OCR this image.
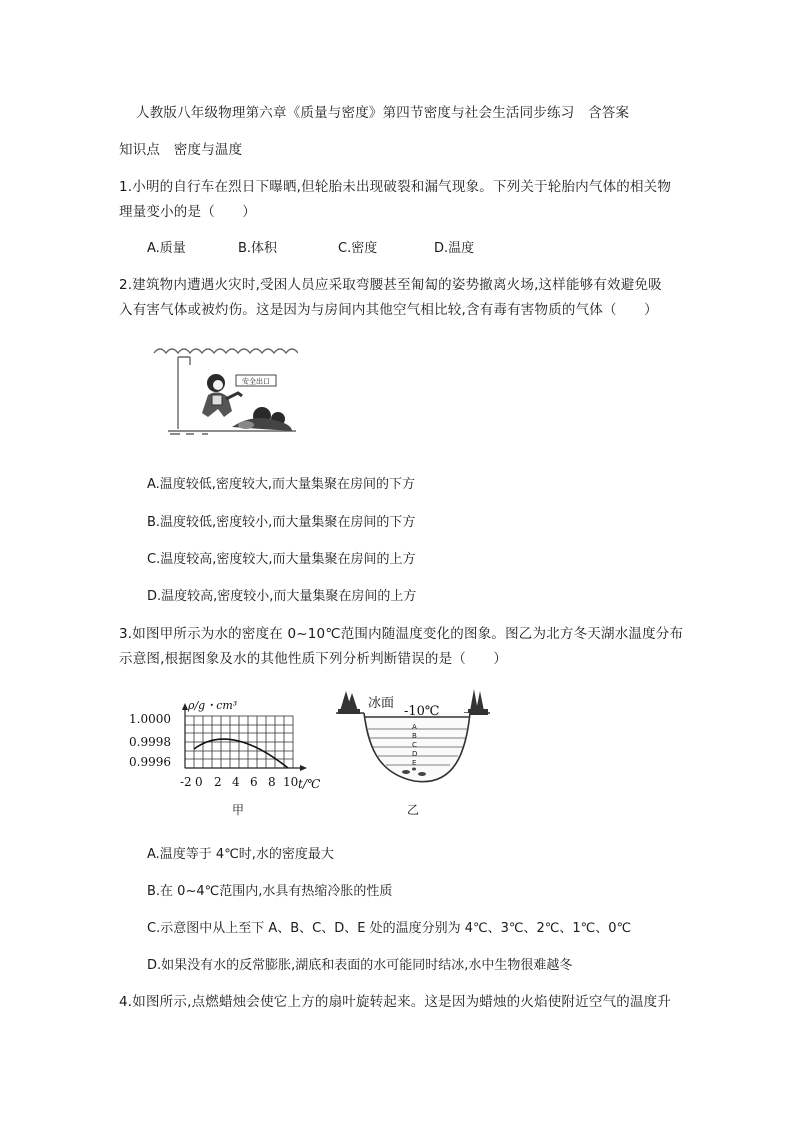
人教版八年级物理第六章《质量与密度》第四节密度与社会生活同步练习　含答案
知识点　密度与温度
1.小明的自行车在烈日下曝晒,但轮胎未出现破裂和漏气现象。下列关于轮胎内气体的相关物
理量变小的是（　　）
A.质量	B.体积	C.密度	D.温度
2.建筑物内遭遇火灾时,受困人员应采取弯腰甚至匍匐的姿势撤离火场,这样能够有效避免吸
入有害气体或被灼伤。这是因为与房间内其他空气相比较,含有毒有害物质的气体（　　）
安全出口
A.温度较低,密度较大,而大量集聚在房间的下方
B.温度较低,密度较小,而大量集聚在房间的下方
C.温度较高,密度较大,而大量集聚在房间的上方
D.温度较高,密度较小,而大量集聚在房间的上方
3.如图甲所示为水的密度在 0~10℃范围内随温度变化的图象。图乙为北方冬天湖水温度分布
示意图,根据图象及水的其他性质下列分析判断错误的是（　　）
1.0000
0.9998
0.9996
ρ/g・cm³
-2 0 2 4 6 8 10 t/℃
甲
A
B
C
D
E
冰面
-10℃
乙
A.温度等于 4℃时,水的密度最大
B.在 0~4℃范围内,水具有热缩冷胀的性质
C.示意图中从上至下 A、B、C、D、E 处的温度分别为 4℃、3℃、2℃、1℃、0℃
D.如果没有水的反常膨胀,湖底和表面的水可能同时结冰,水中生物很难越冬
4.如图所示,点燃蜡烛会使它上方的扇叶旋转起来。这是因为蜡烛的火焰使附近空气的温度升
